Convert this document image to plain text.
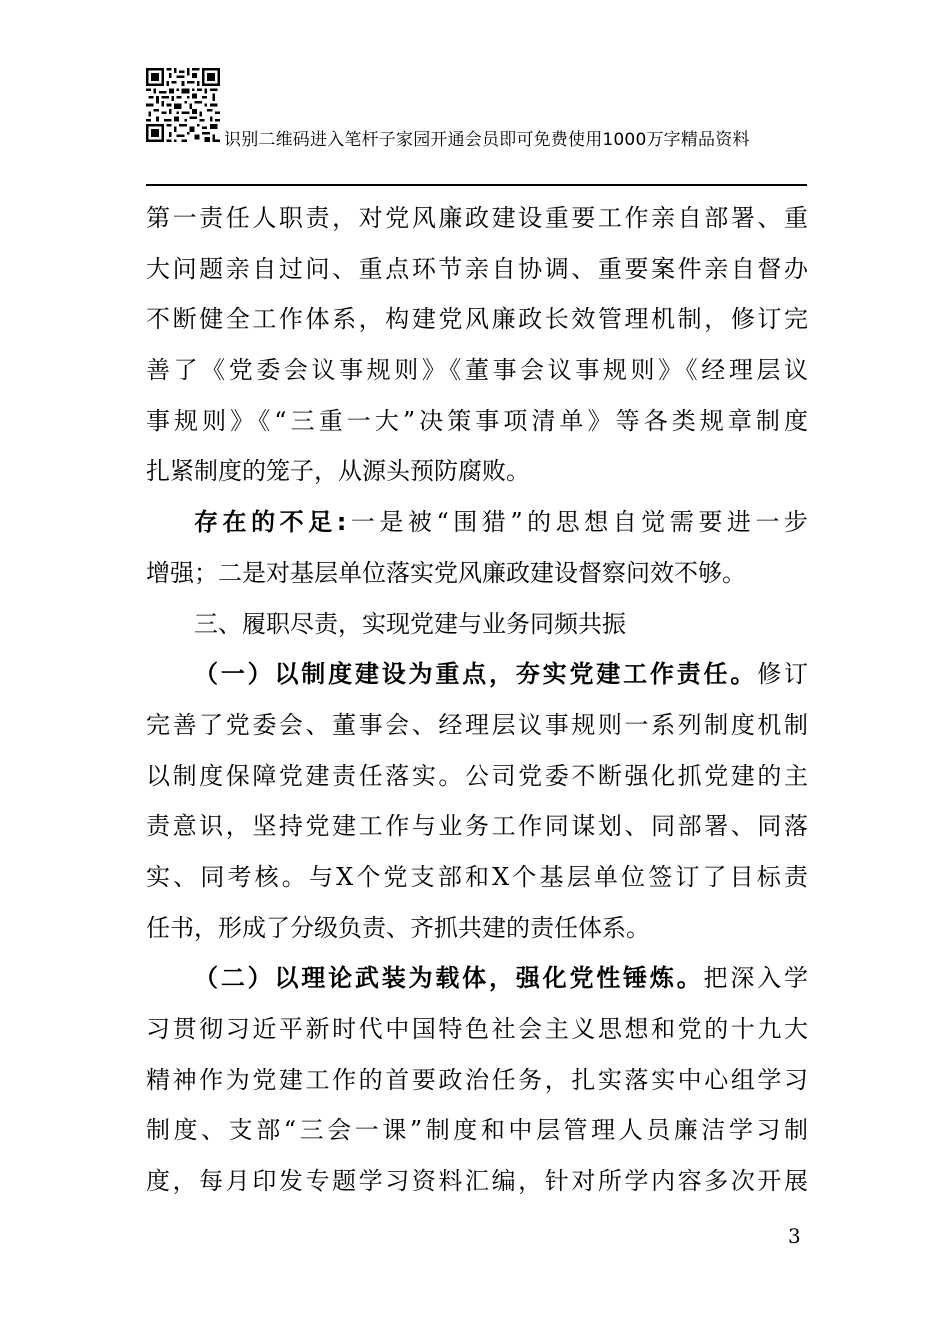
识别二维码进入笔杆子家园开通会员即可免费使用1000万字精品资料
第一责任人职责，对党风廉政建设重要工作亲自部署、重
大问题亲自过问、重点环节亲自协调、重要案件亲自督办
不断健全工作体系，构建党风廉政长效管理机制，修订完
善了《党委会议事规则》《董事会议事规则》《经理层议
事规则》《“三重一大”决策事项清单》等各类规章制度
扎紧制度的笼子，从源头预防腐败。
存在的不足:一是被“围猎”的思想自觉需要进一步
增强；二是对基层单位落实党风廉政建设督察问效不够。
三、履职尽责，实现党建与业务同频共振
（一）以制度建设为重点，夯实党建工作责任。修订
完善了党委会、董事会、经理层议事规则一系列制度机制
以制度保障党建责任落实。公司党委不断强化抓党建的主
责意识，坚持党建工作与业务工作同谋划、同部署、同落
实、同考核。与X个党支部和X个基层单位签订了目标责
任书，形成了分级负责、齐抓共建的责任体系。
（二）以理论武装为载体，强化党性锤炼。把深入学
习贯彻习近平新时代中国特色社会主义思想和党的十九大
精神作为党建工作的首要政治任务，扎实落实中心组学习
制度、支部“三会一课”制度和中层管理人员廉洁学习制
度，每月印发专题学习资料汇编，针对所学内容多次开展
3
